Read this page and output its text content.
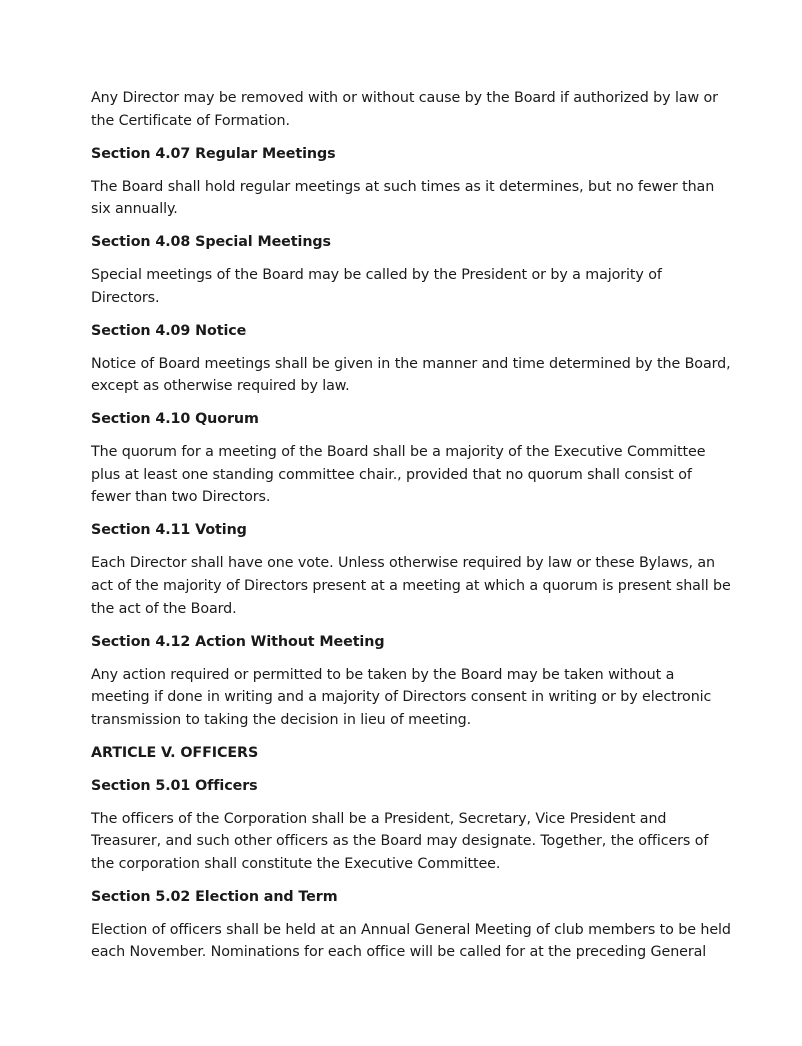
Any Director may be removed with or without cause by the Board if authorized by law or the Certificate of Formation.

Section 4.07 Regular Meetings

The Board shall hold regular meetings at such times as it determines, but no fewer than six annually.

Section 4.08 Special Meetings

Special meetings of the Board may be called by the President or by a majority of Directors.

Section 4.09 Notice

Notice of Board meetings shall be given in the manner and time determined by the Board, except as otherwise required by law.

Section 4.10 Quorum

The quorum for a meeting of the Board shall be a majority of the Executive Committee plus at least one standing committee chair., provided that no quorum shall consist of fewer than two Directors.

Section 4.11 Voting

Each Director shall have one vote. Unless otherwise required by law or these Bylaws, an act of the majority of Directors present at a meeting at which a quorum is present shall be the act of the Board.

Section 4.12 Action Without Meeting

Any action required or permitted to be taken by the Board may be taken without a meeting if done in writing and a majority of Directors consent in writing or by electronic transmission to taking the decision in lieu of meeting.

ARTICLE V. OFFICERS

Section 5.01 Officers

The officers of the Corporation shall be a President, Secretary, Vice President and Treasurer, and such other officers as the Board may designate. Together, the officers of the corporation shall constitute the Executive Committee.

Section 5.02 Election and Term

Election of officers shall be held at an Annual General Meeting of club members to be held each November. Nominations for each office will be called for at the preceding General
